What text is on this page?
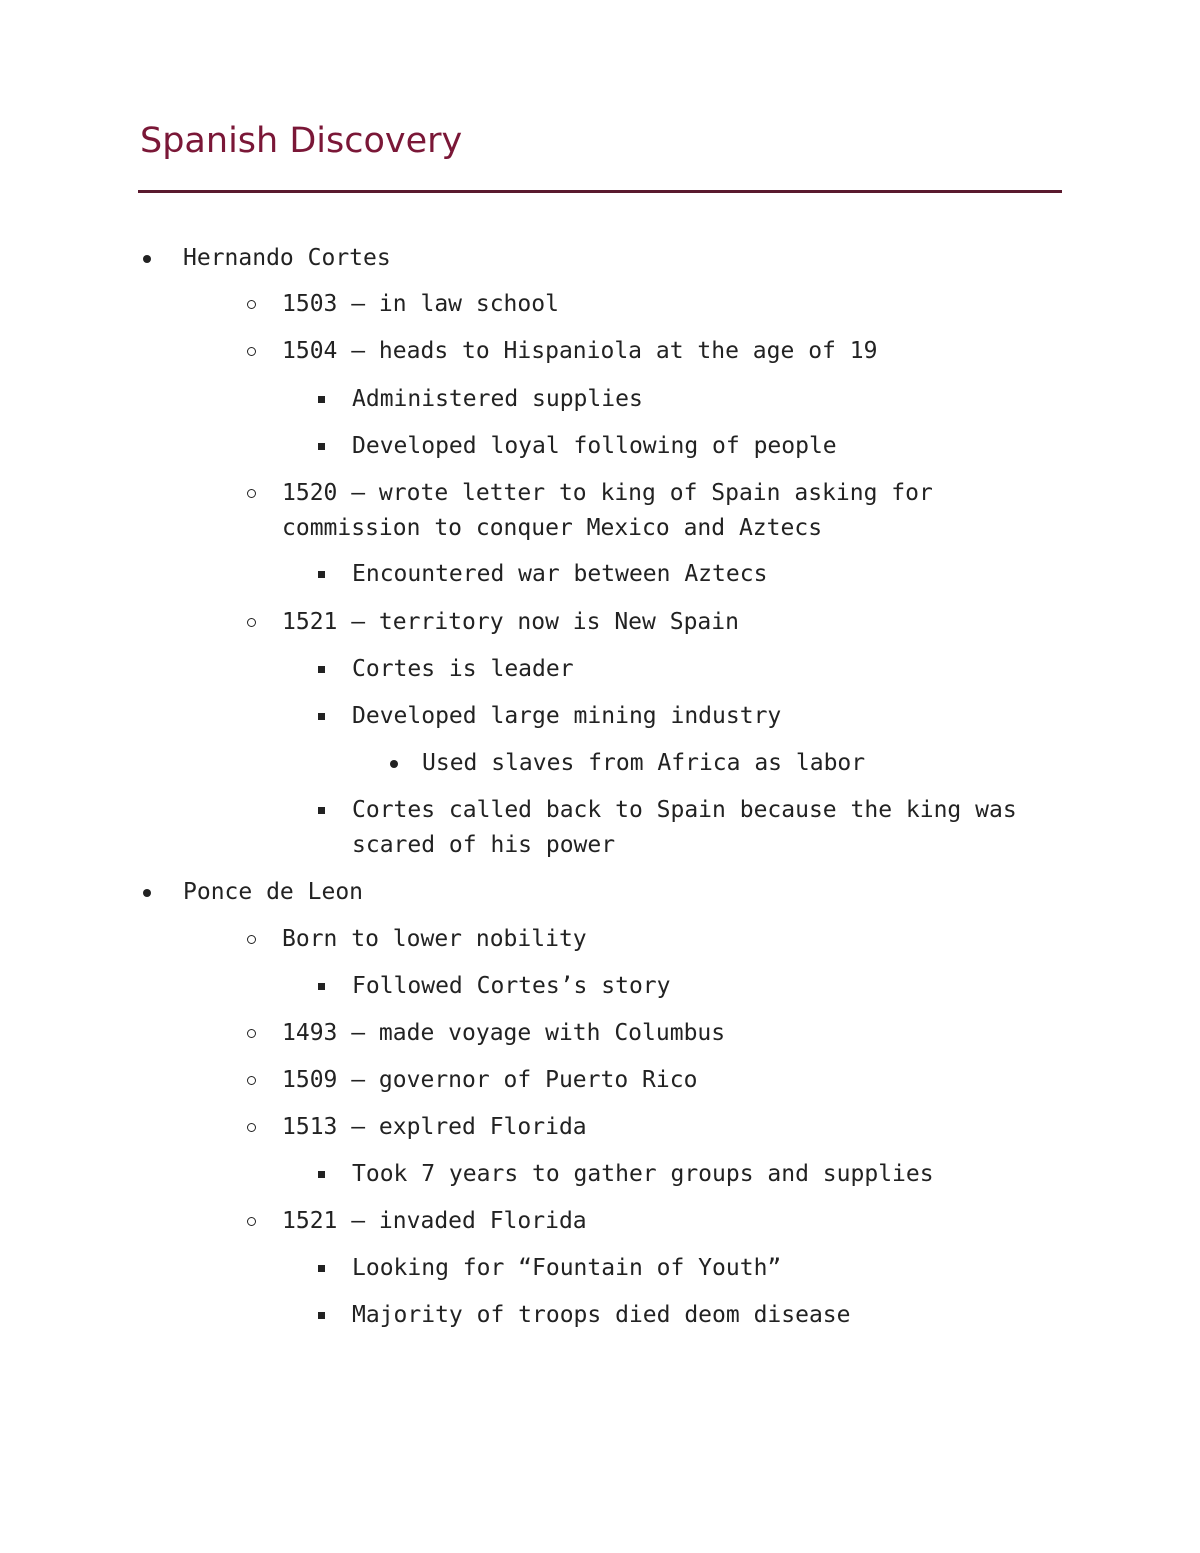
Spanish Discovery
Hernando Cortes
1503 – in law school
1504 – heads to Hispaniola at the age of 19
Administered supplies
Developed loyal following of people
1520 – wrote letter to king of Spain asking for
commission to conquer Mexico and Aztecs
Encountered war between Aztecs
1521 – territory now is New Spain
Cortes is leader
Developed large mining industry
Used slaves from Africa as labor
Cortes called back to Spain because the king was
scared of his power
Ponce de Leon
Born to lower nobility
Followed Cortes’s story
1493 – made voyage with Columbus
1509 – governor of Puerto Rico
1513 – explred Florida
Took 7 years to gather groups and supplies
1521 – invaded Florida
Looking for “Fountain of Youth”
Majority of troops died deom disease
